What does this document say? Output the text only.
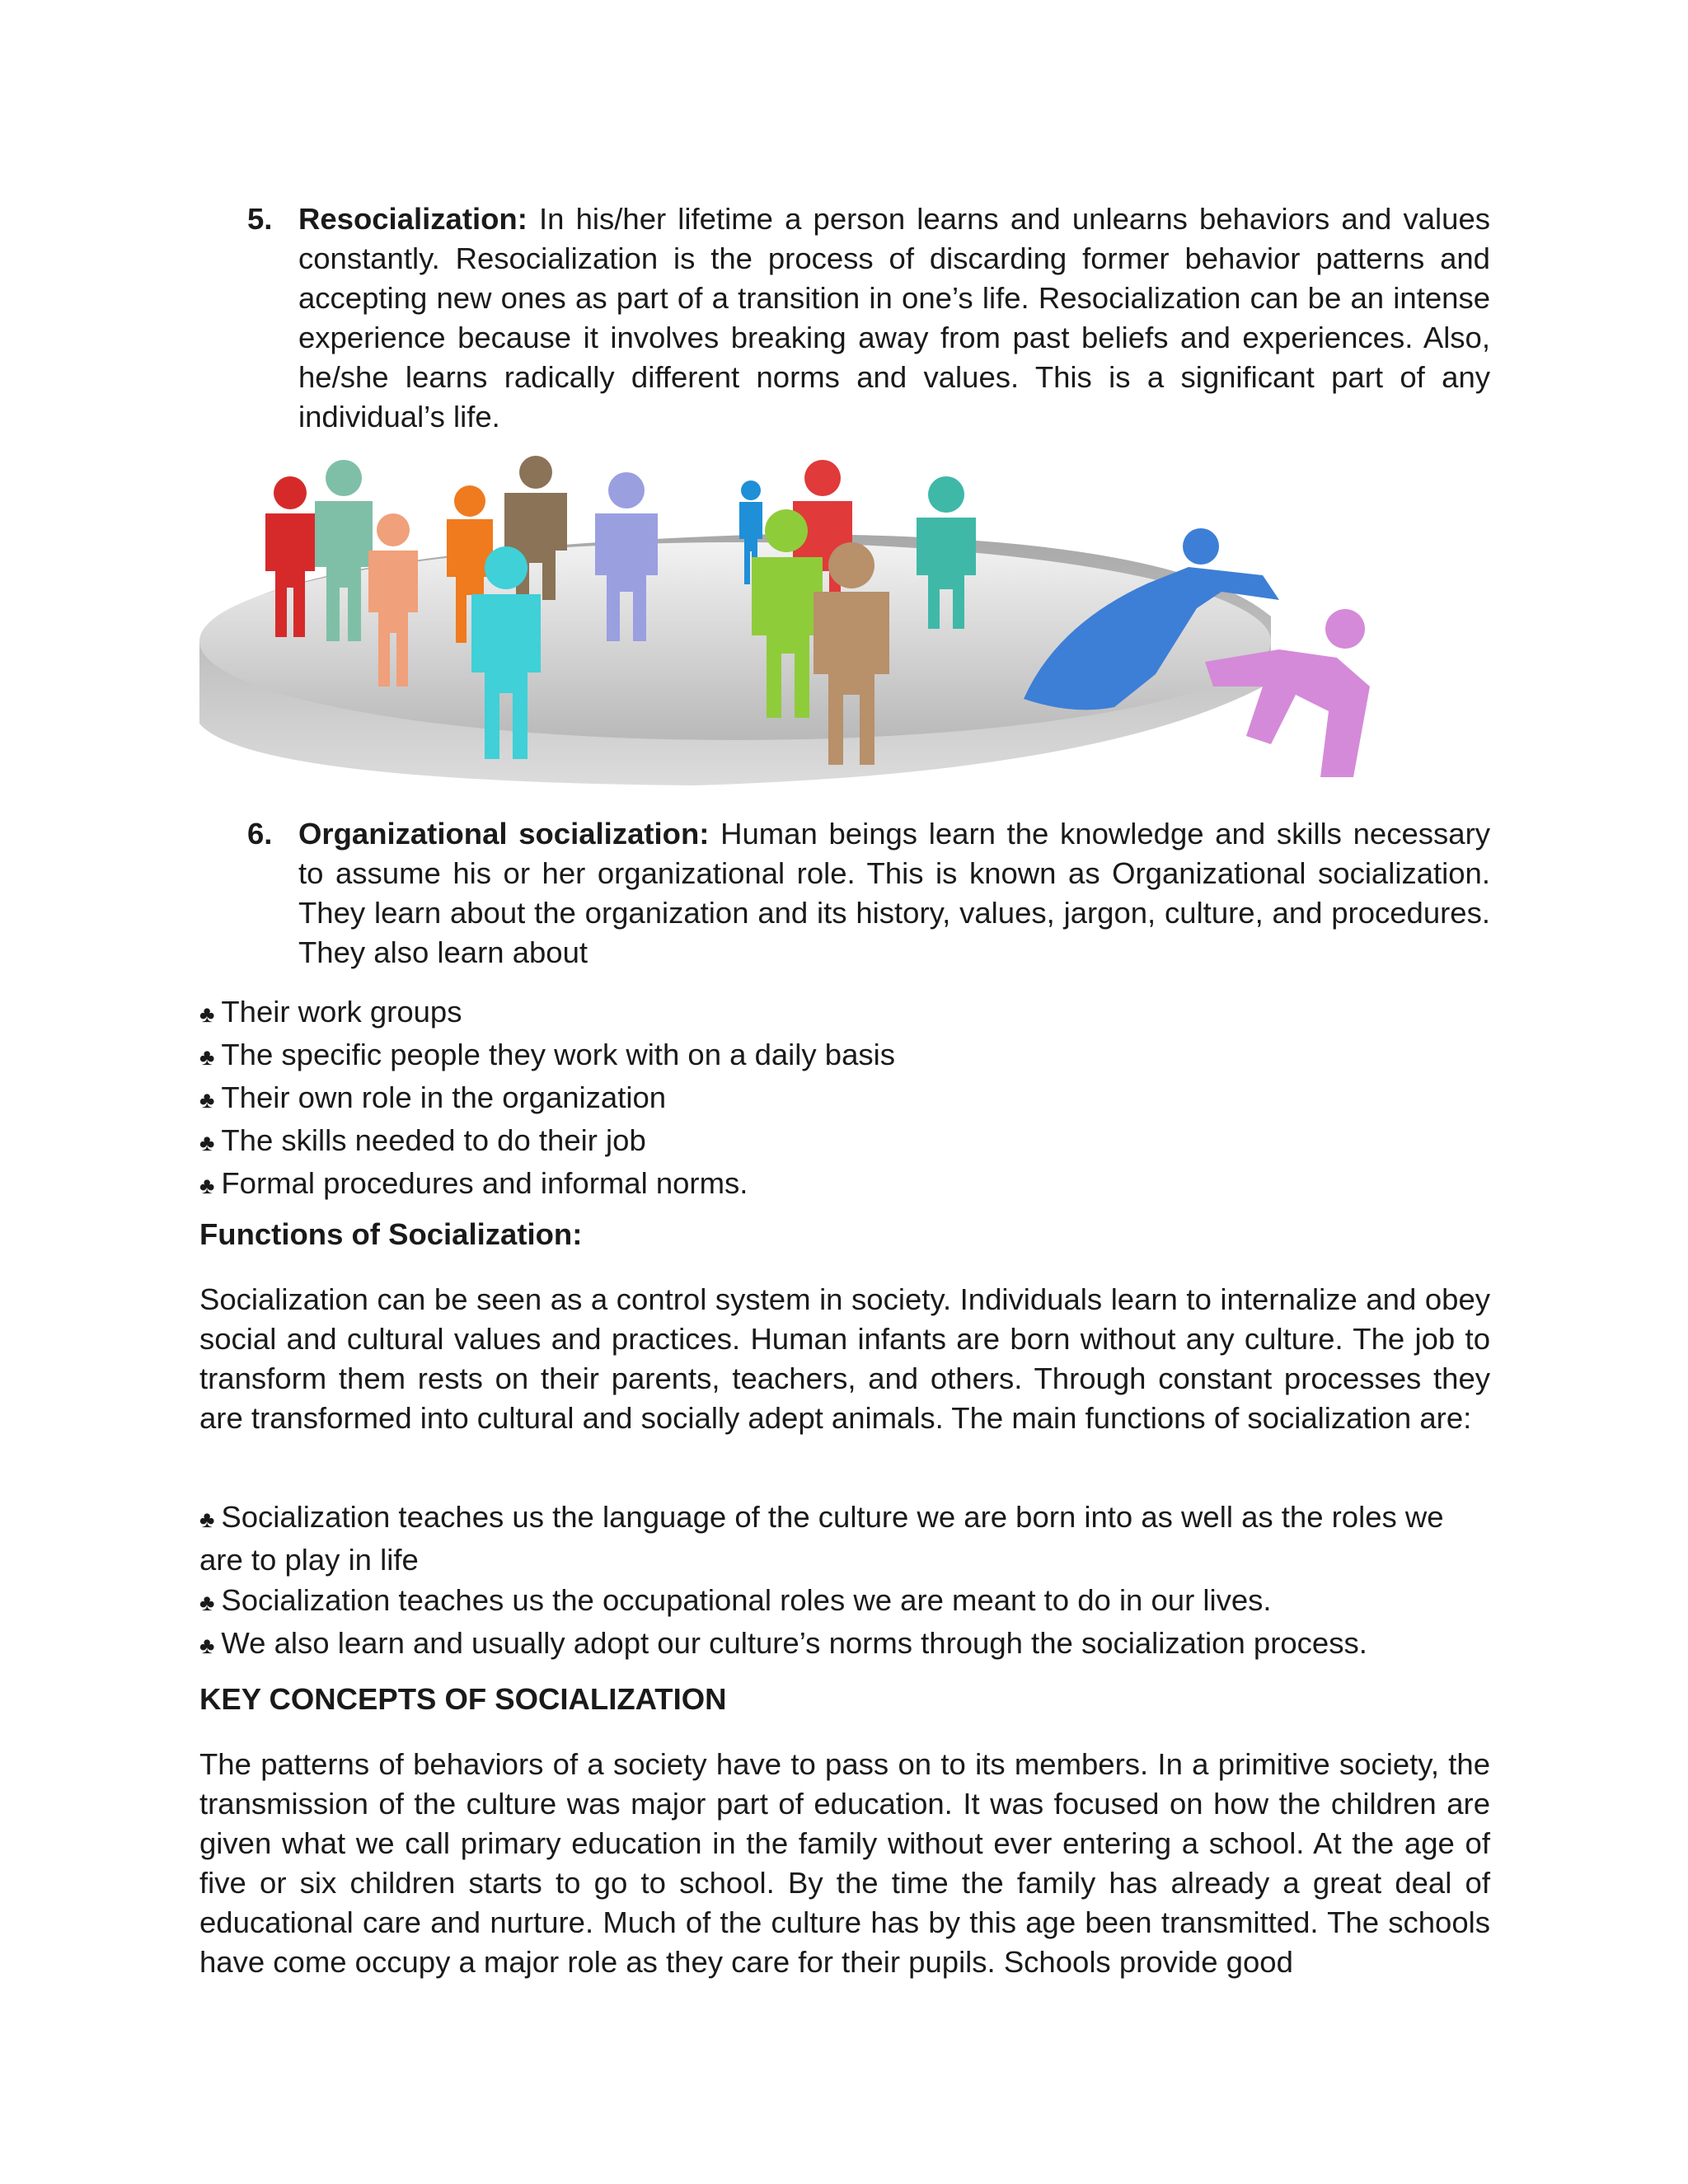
5. Resocialization: In his/her lifetime a person learns and unlearns behaviors and values constantly. Resocialization is the process of discarding former behavior patterns and accepting new ones as part of a transition in one’s life. Resocialization can be an intense experience because it involves breaking away from past beliefs and experiences. Also, he/she learns radically different norms and values. This is a significant part of any individual’s life.

6. Organizational socialization: Human beings learn the knowledge and skills necessary to assume his or her organizational role. This is known as Organizational socialization. They learn about the organization and its history, values, jargon, culture, and procedures. They also learn about

♣ Their work groups
♣ The specific people they work with on a daily basis
♣ Their own role in the organization
♣ The skills needed to do their job
♣ Formal procedures and informal norms.
Functions of Socialization:

Socialization can be seen as a control system in society. Individuals learn to internalize and obey social and cultural values and practices. Human infants are born without any culture. The job to transform them rests on their parents, teachers, and others. Through constant processes they are transformed into cultural and socially adept animals. The main functions of socialization are:

♣ Socialization teaches us the language of the culture we are born into as well as the roles we are to play in life
♣ Socialization teaches us the occupational roles we are meant to do in our lives.
♣ We also learn and usually adopt our culture’s norms through the socialization process.
KEY CONCEPTS OF SOCIALIZATION

The patterns of behaviors of a society have to pass on to its members. In a primitive society, the transmission of the culture was major part of education. It was focused on how the children are given what we call primary education in the family without ever entering a school. At the age of five or six children starts to go to school. By the time the family has already a great deal of educational care and nurture. Much of the culture has by this age been transmitted. The schools have come occupy a major role as they care for their pupils. Schools provide good
